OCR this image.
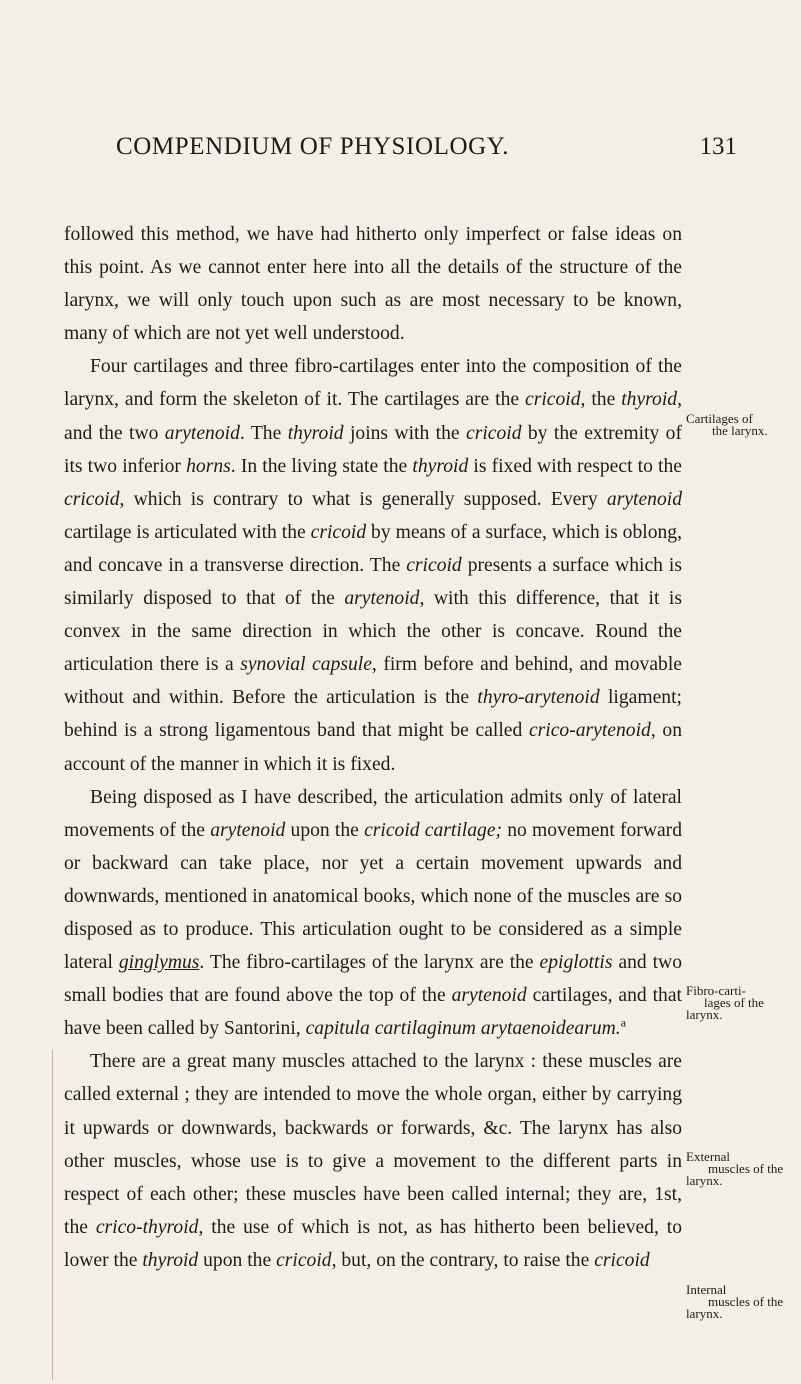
COMPENDIUM OF PHYSIOLOGY.	131

followed this method, we have had hitherto only imperfect or false ideas on this point. As we cannot enter here into all the details of the structure of the larynx, we will only touch upon such as are most necessary to be known, many of which are not yet well understood.

Four cartilages and three fibro-cartilages enter into the composition of the larynx, and form the skeleton of it. The cartilages are the cricoid, the thyroid, and the two arytenoid. The thyroid joins with the cricoid by the extremity of its two inferior horns. In the living state the thyroid is fixed with respect to the cricoid, which is contrary to what is generally supposed. Every arytenoid cartilage is articulated with the cricoid by means of a surface, which is oblong, and concave in a transverse direction. The cricoid presents a surface which is similarly disposed to that of the arytenoid, with this difference, that it is convex in the same direction in which the other is concave. Round the articulation there is a synovial capsule, firm before and behind, and movable without and within. Before the articulation is the thyro-arytenoid ligament; behind is a strong ligamentous band that might be called crico-arytenoid, on account of the manner in which it is fixed.

Being disposed as I have described, the articulation admits only of lateral movements of the arytenoid upon the cricoid cartilage; no movement forward or backward can take place, nor yet a certain movement upwards and downwards, mentioned in anatomical books, which none of the muscles are so disposed as to produce. This articulation ought to be considered as a simple lateral ginglymus. The fibro-cartilages of the larynx are the epiglottis and two small bodies that are found above the top of the arytenoid cartilages, and that have been called by Santorini, capitula cartilaginum arytaenoidearum.$^a$

There are a great many muscles attached to the larynx : these muscles are called external ; they are intended to move the whole organ, either by carrying it upwards or downwards, backwards or forwards, &c. The larynx has also other muscles, whose use is to give a movement to the different parts in respect of each other; these muscles have been called internal; they are, 1st, the crico-thyroid, the use of which is not, as has hitherto been believed, to lower the thyroid upon the cricoid, but, on the contrary, to raise the cricoid

Cartilages of
the larynx.
Fibro-carti-
lages of the
larynx.
External
muscles of the
larynx.
Internal
muscles of the
larynx.
